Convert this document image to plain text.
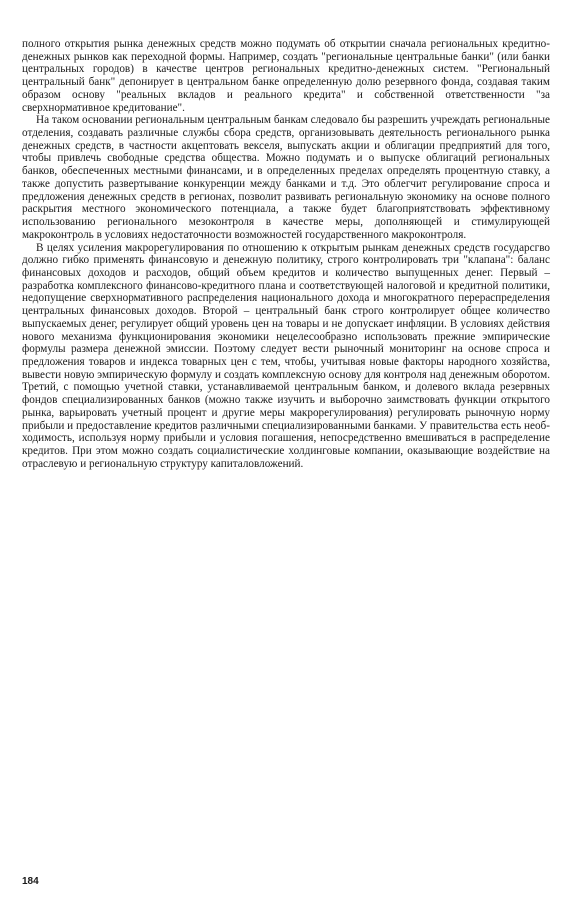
полного открытия рынка денежных средств можно подумать об открытии сначала региональных кредитно-денежных рынков как переходной формы. Например, создать "региональные центральные банки" (или банки центральных городов) в качестве центров региональных кредитно-денежных систем. "Региональный центральный банк" депонирует в центральном банке определенную долю резервного фонда, создавая таким образом основу "реальных вкладов и реального кредита" и собственной ответственности "за сверхнормативное кредитование".

На таком основании региональным центральным банкам следовало бы разрешить учреждать региональные отделения, создавать различные службы сбора средств, организовывать деятельность регионального рынка денежных средств, в частности акцептовать векселя, выпускать акции и облигации предприятий для того, чтобы привлечь свободные средства общества. Можно подумать и о выпуске облигаций региональных банков, обеспеченных местными финансами, и в определенных пределах определять процентную ставку, а также допустить развертывание конкуренции между банками и т.д. Это облегчит регулирование спроса и предложения денежных средств в регионах, позволит развивать региональную экономику на основе полного раскрытия местного экономического потенциала, а также будет благоприятствовать эффективному использованию регионального мезоконтроля в качестве меры, дополняющей и стимулирующей макроконтроль в условиях недостаточности возможностей государственного макроконтроля.

В целях усиления макрорегулирования по отношению к открытым рынкам денежных средств государсгво должно гибко применять финансовую и денежную политику, строго контролировать три "клапана": баланс финансовых доходов и расходов, общий объем кредитов и количество выпущенных денег. Первый – разработка комплексного финансово-кредитного плана и соответствующей налоговой и кредитной политики, недопущение сверхнормативного распределения национального дохода и многократного перераспределения центральных финансовых доходов. Второй – центральный банк строго контролирует общее количество выпускаемых денег, регулирует общий уровень цен на товары и не допускает инфляции. В условиях действия нового механизма функционирования экономики нецелесообразно использовать прежние эмпирические формулы размера денежной эмиссии. Поэтому следует вести рыночный мониторинг на основе спроса и предложения товаров и индекса товарных цен с тем, чтобы, учитывая новые факторы народного хозяйства, вывести новую эмпирическую формулу и создать комплексную основу для контроля над денежным оборотом. Третий, с помощью учетной ставки, устанавливаемой центральным банком, и долевого вклада резервных фондов специализированных банков (можно также изучить и выборочно заимствовать функции открытого рынка, варьировать учетный процент и другие меры макрорегулирования) регулировать рыночную норму прибыли и предоставление кредитов различными специализированными банками. У правительства есть необходимость, используя норму прибыли и условия погашения, непосредственно вмешиваться в распределение кредитов. При этом можно создать социалистические холдинговые компании, оказывающие воздействие на отраслевую и региональную структуру капиталовложений.

184
